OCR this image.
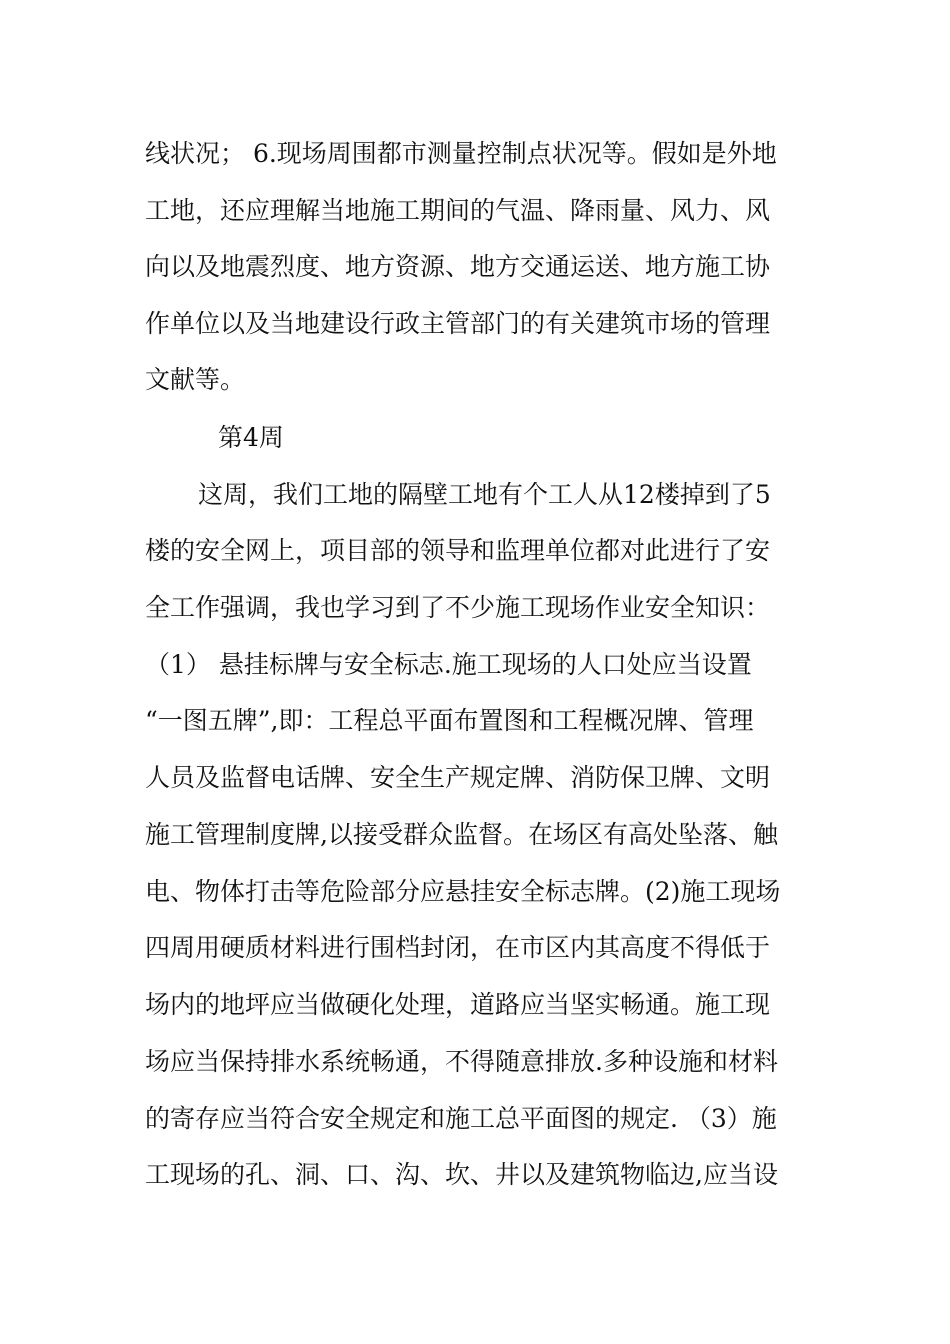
线状况； 6.现场周围都市测量控制点状况等。假如是外地
工地，还应理解当地施工期间的气温、降雨量、风力、风
向以及地震烈度、地方资源、地方交通运送、地方施工协
作单位以及当地建设行政主管部门的有关建筑市场的管理
文献等。
第4周
这周，我们工地的隔壁工地有个工人从12楼掉到了5
楼的安全网上，项目部的领导和监理单位都对此进行了安
全工作强调，我也学习到了不少施工现场作业安全知识：
（1） 悬挂标牌与安全标志.施工现场的人口处应当设置
“一图五牌”,即：工程总平面布置图和工程概况牌、管理
人员及监督电话牌、安全生产规定牌、消防保卫牌、文明
施工管理制度牌,以接受群众监督。在场区有高处坠落、触
电、物体打击等危险部分应悬挂安全标志牌。(2)施工现场
四周用硬质材料进行围档封闭，在市区内其高度不得低于
场内的地坪应当做硬化处理，道路应当坚实畅通。施工现
场应当保持排水系统畅通，不得随意排放.多种设施和材料
的寄存应当符合安全规定和施工总平面图的规定. （3）施
工现场的孔、洞、口、沟、坎、井以及建筑物临边,应当设
